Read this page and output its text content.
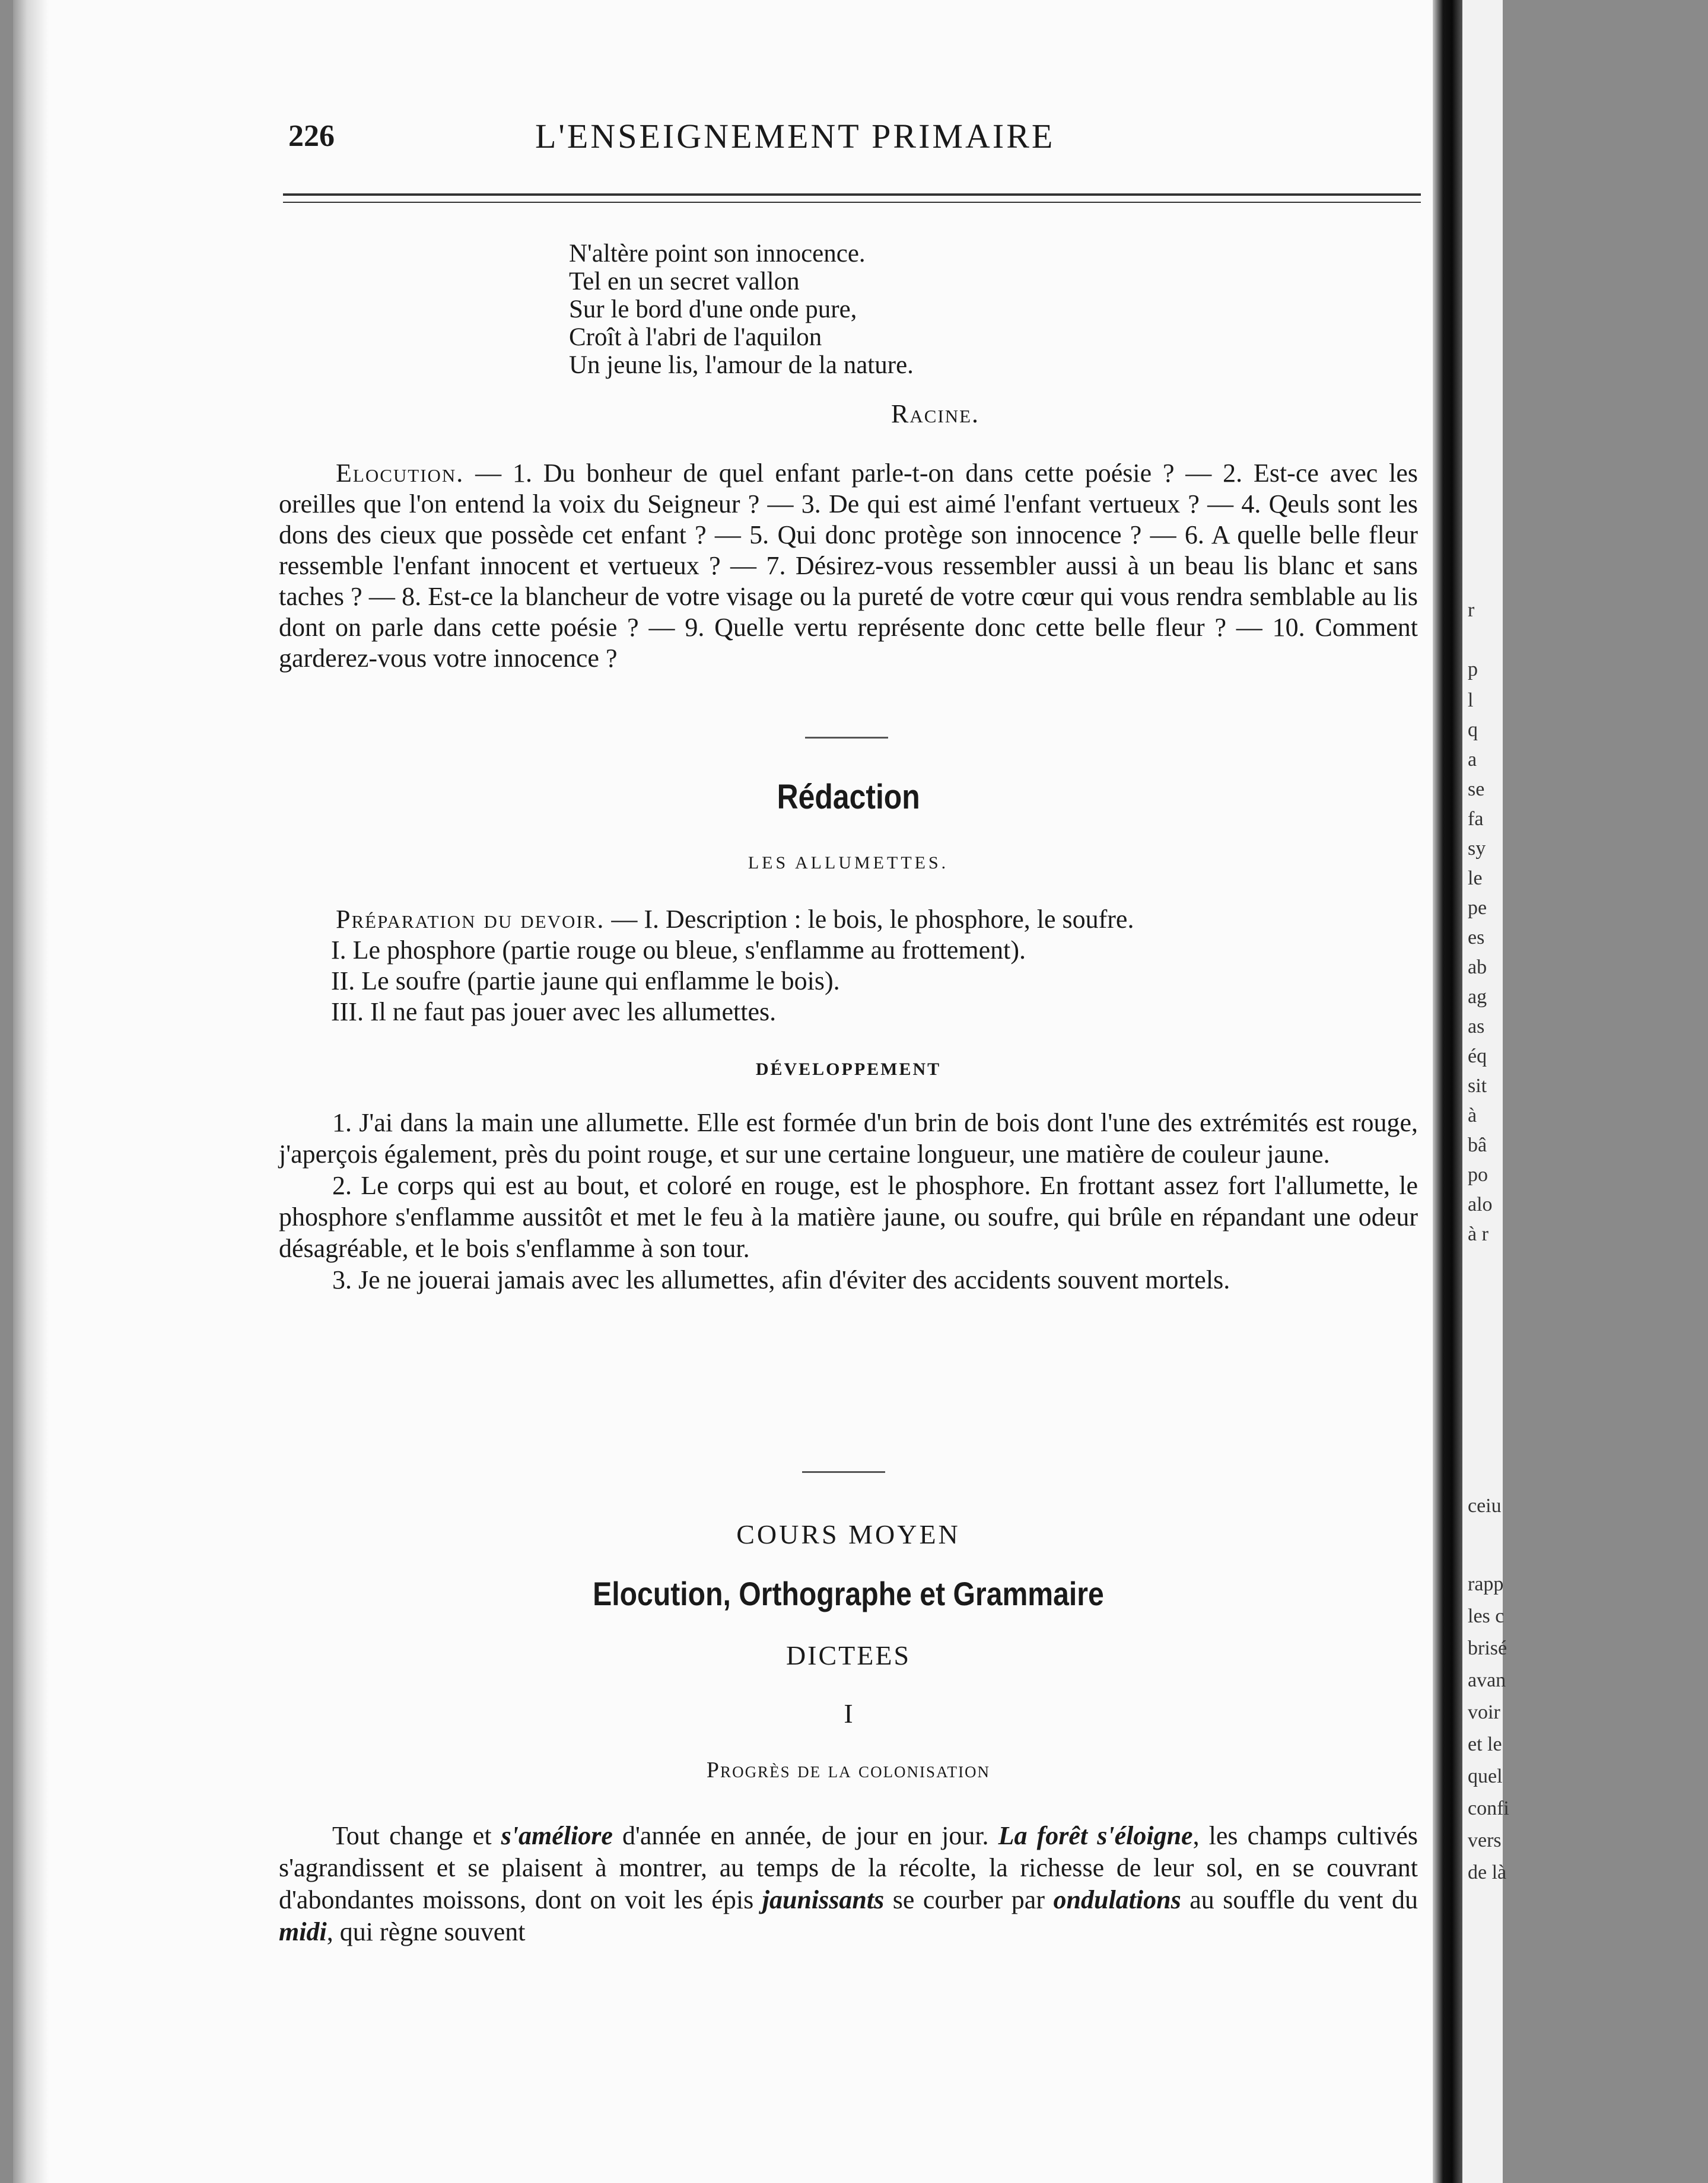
226	L'ENSEIGNEMENT PRIMAIRE
N'altère point son innocence.
Tel en un secret vallon
Sur le bord d'une onde pure,
Croît à l'abri de l'aquilon
Un jeune lis, l'amour de la nature.
Racine.
Elocution. — 1. Du bonheur de quel enfant parle-t-on dans cette poésie ? — 2. Est-ce avec les oreilles que l'on entend la voix du Seigneur ? — 3. De qui est aimé l'enfant vertueux ? — 4. Qeuls sont les dons des cieux que possède cet enfant ? — 5. Qui donc protège son innocence ? — 6. A quelle belle fleur ressemble l'enfant innocent et vertueux ? — 7. Désirez-vous ressembler aussi à un beau lis blanc et sans taches ? — 8. Est-ce la blancheur de votre visage ou la pureté de votre cœur qui vous rendra semblable au lis dont on parle dans cette poésie ? — 9. Quelle vertu représente donc cette belle fleur ? — 10. Comment garderez-vous votre innocence ?
Rédaction
LES ALLUMETTES.
Préparation du devoir. — I. Description : le bois, le phosphore, le soufre.
I. Le phosphore (partie rouge ou bleue, s'enflamme au frottement).
II. Le soufre (partie jaune qui enflamme le bois).
III. Il ne faut pas jouer avec les allumettes.
DÉVELOPPEMENT
1. J'ai dans la main une allumette. Elle est formée d'un brin de bois dont l'une des extrémités est rouge, j'aperçois également, près du point rouge, et sur une certaine longueur, une matière de couleur jaune.
2. Le corps qui est au bout, et coloré en rouge, est le phosphore. En frottant assez fort l'allumette, le phosphore s'enflamme aussitôt et met le feu à la matière jaune, ou soufre, qui brûle en répandant une odeur désagréable, et le bois s'enflamme à son tour.
3. Je ne jouerai jamais avec les allumettes, afin d'éviter des accidents souvent mortels.
COURS MOYEN
Elocution, Orthographe et Grammaire
DICTEES
I
Progrès de la colonisation
Tout change et s'améliore d'année en année, de jour en jour. La forêt s'éloigne, les champs cultivés s'agrandissent et se plaisent à montrer, au temps de la récolte, la richesse de leur sol, en se couvrant d'abondantes moissons, dont on voit les épis jaunissants se courber par ondulations au souffle du vent du midi, qui règne souvent
r
p
l
q
a
se
fa
sy
le
pe
es
ab
ag
as
éq
sit
à
bâ
po
alo
à r
ceiu
rapp
les c
brisé
avan
voir
et le
quel
confi
vers
de là
